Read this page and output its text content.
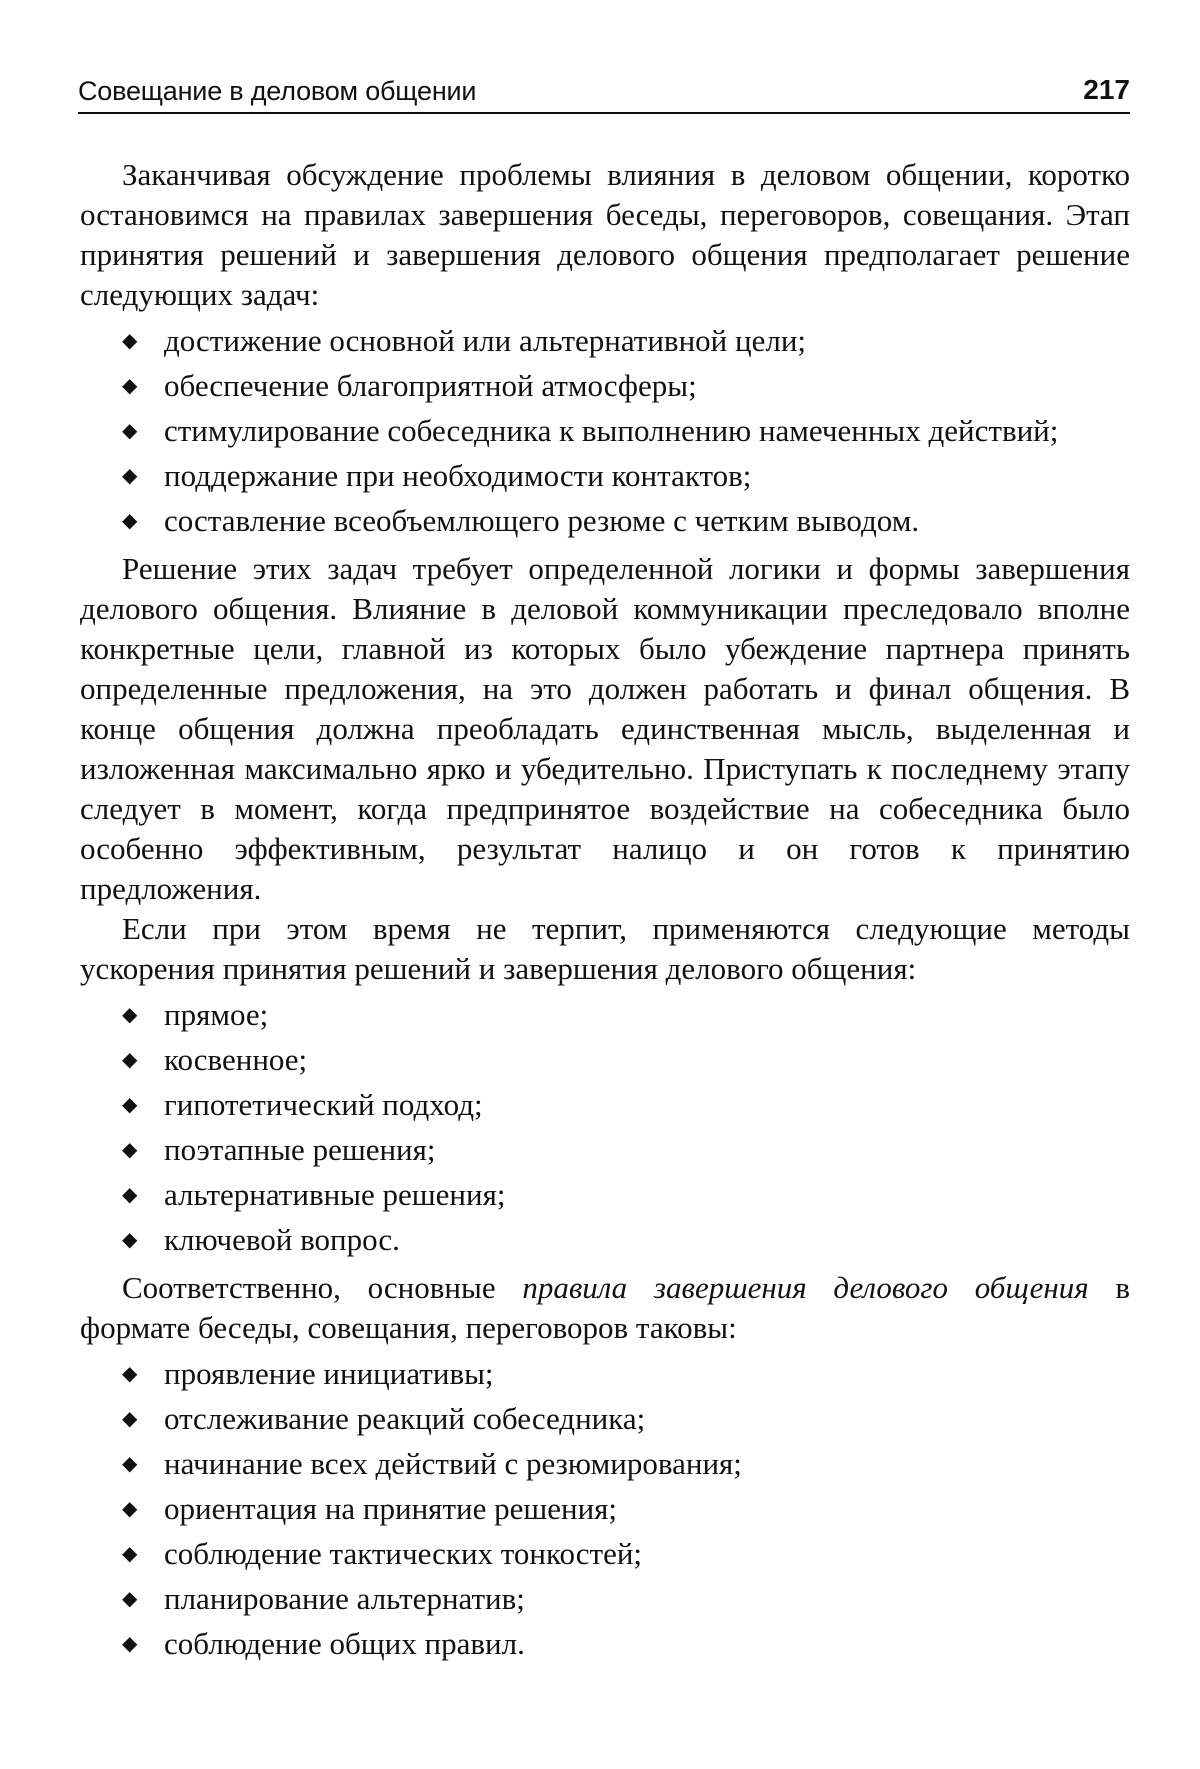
Совещание в деловом общении	217

Заканчивая обсуждение проблемы влияния в деловом общении, коротко остановимся на правилах завершения беседы, переговоров, совещания. Этап принятия решений и завершения делового общения предполагает решение следующих задач:

◆ достижение основной или альтернативной цели;
◆ обеспечение благоприятной атмосферы;
◆ стимулирование собеседника к выполнению намеченных действий;
◆ поддержание при необходимости контактов;
◆ составление всеобъемлющего резюме с четким выводом.

Решение этих задач требует определенной логики и формы завершения делового общения. Влияние в деловой коммуникации преследовало вполне конкретные цели, главной из которых было убеждение партнера принять определенные предложения, на это должен работать и финал общения. В конце общения должна преобладать единственная мысль, выделенная и изложенная максимально ярко и убедительно. Приступать к последнему этапу следует в момент, когда предпринятое воздействие на собеседника было особенно эффективным, результат налицо и он готов к принятию предложения.

Если при этом время не терпит, применяются следующие методы ускорения принятия решений и завершения делового общения:

◆ прямое;
◆ косвенное;
◆ гипотетический подход;
◆ поэтапные решения;
◆ альтернативные решения;
◆ ключевой вопрос.

Соответственно, основные правила завершения делового общения в формате беседы, совещания, переговоров таковы:

◆ проявление инициативы;
◆ отслеживание реакций собеседника;
◆ начинание всех действий с резюмирования;
◆ ориентация на принятие решения;
◆ соблюдение тактических тонкостей;
◆ планирование альтернатив;
◆ соблюдение общих правил.
